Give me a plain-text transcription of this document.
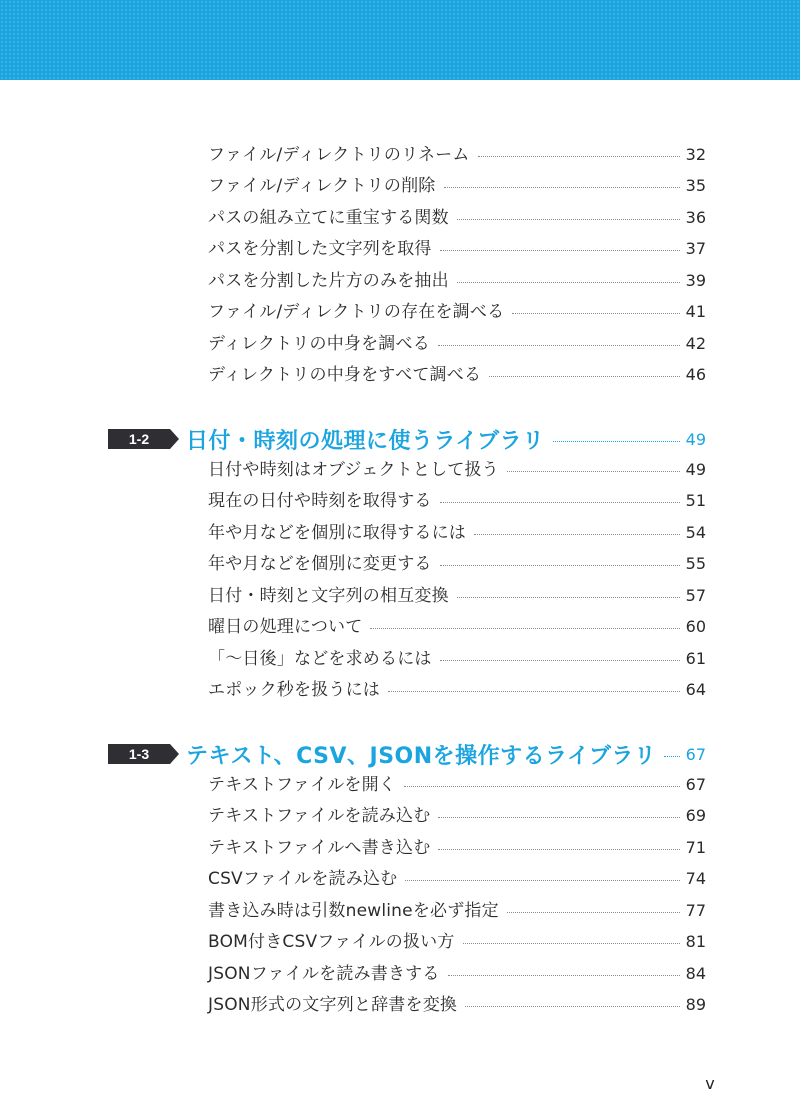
ファイル/ディレクトリのリネーム	32
ファイル/ディレクトリの削除	35
パスの組み立てに重宝する関数	36
パスを分割した文字列を取得	37
パスを分割した片方のみを抽出	39
ファイル/ディレクトリの存在を調べる	41
ディレクトリの中身を調べる	42
ディレクトリの中身をすべて調べる	46
1-2	日付・時刻の処理に使うライブラリ	49
日付や時刻はオブジェクトとして扱う	49
現在の日付や時刻を取得する	51
年や月などを個別に取得するには	54
年や月などを個別に変更する	55
日付・時刻と文字列の相互変換	57
曜日の処理について	60
「〜日後」などを求めるには	61
エポック秒を扱うには	64
1-3	テキスト、CSV、JSONを操作するライブラリ 67
テキストファイルを開く	67
テキストファイルを読み込む	69
テキストファイルへ書き込む	71
CSVファイルを読み込む	74
書き込み時は引数newlineを必ず指定	77
BOM付きCSVファイルの扱い方	81
JSONファイルを読み書きする	84
JSON形式の文字列と辞書を変換	89
v
